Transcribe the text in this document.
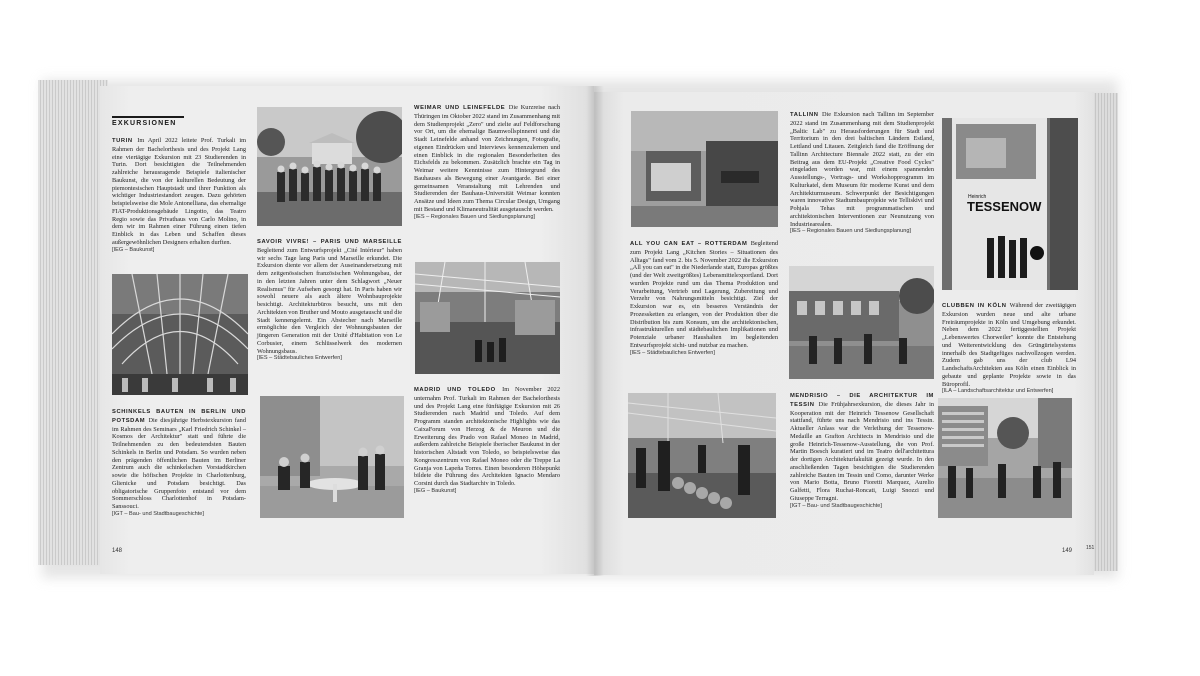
EXKURSIONEN
TURIN Im April 2022 leitete Prof. Turkali im Rahmen der Bachelorthesis und des Projekt Lang eine viertägige Exkursion mit 23 Studierenden in Turin. Dort besichtigten die Teilnehmenden zahlreiche herausragende Beispiele italienischer Baukunst, die von der kulturellen Bedeutung der piemontesischen Hauptstadt und ihrer Funktion als wichtiger Industriestandort zeugen. Dazu gehörten beispielsweise die Mole Antonelliana, das ehemalige FIAT-Produktionsgebäude Lingotto, das Teatro Regio sowie das Privathaus von Carlo Molino, in dem wir im Rahmen einer Führung einen tiefen Einblick in das Leben und Schaffen dieses außergewöhnlichen Designers erhalten durften.
[IEG – Baukunst]
SCHINKELS BAUTEN IN BERLIN UND POTSDAM Die diesjährige Herbstexkursion fand im Rahmen des Seminars „Karl Friedrich Schinkel – Kosmos der Architektur" statt und führte die Teilnehmenden zu den bedeutendsten Bauten Schinkels in Berlin und Potsdam. So wurden neben den prägenden öffentlichen Bauten im Berliner Zentrum auch die schinkelschen Vorstadtkirchen sowie die höfischen Projekte in Charlottenburg, Glienicke und Potsdam besichtigt. Das obligatorische Gruppenfoto entstand vor dem Sommerschloss Charlottenhof in Potsdam-Sanssouci.
[IGT – Bau- und Stadtbaugeschichte]
SAVOIR VIVRE! – PARIS UND MARSEILLE Begleitend zum Entwurfsprojekt „Cité Intérieur" haben wir sechs Tage lang Paris und Marseille erkundet. Die Exkursion diente vor allem der Auseinandersetzung mit dem zeitgenössischen französischen Wohnungsbau, der in den letzten Jahren unter dem Schlagwort „Neuer Realismus" für Aufsehen gesorgt hat. In Paris haben wir sowohl neuere als auch ältere Wohnbauprojekte besichtigt. Architekturbüros besucht, uns mit den Architekten von Bruther und Mouto ausgetauscht und die Stadt kennengelernt. Ein Abstecher nach Marseille ermöglichte den Vergleich der Wohnungsbauten der jüngeren Generation mit der Unité d'Habitation von Le Corbusier, einem Schlüsselwerk des modernen Wohnungsbaus.
[IES – Städtebauliches Entwerfen]
WEIMAR UND LEINEFELDE Die Kurzreise nach Thüringen im Oktober 2022 stand im Zusammenhang mit dem Studienprojekt „Zero" und zielte auf Feldforschung vor Ort, um die ehemalige Baumwollspinnerei und die Stadt Leinefelde anhand von Zeichnungen, Fotografie, eigenen Eindrücken und Interviews kennenzulernen und einen Einblick in die regionalen Besonderheiten des Eichsfelds zu bekommen. Zusätzlich brachte ein Tag in Weimar weitere Kenntnisse zum Hintergrund des Bauhauses als Bewegung einer Avantgarde. Bei einer gemeinsamen Veranstaltung mit Lehrenden und Studierenden der Bauhaus-Universität Weimar konnten Ansätze und Ideen zum Thema Circular Design, Umgang mit Bestand und Klimaneutralität ausgetauscht werden.
[IES – Regionales Bauen und Siedlungsplanung]
MADRID UND TOLEDO Im November 2022 unternahm Prof. Turkali im Rahmen der Bachelorthesis und des Projekt Lang eine fünftägige Exkursion mit 26 Studierenden nach Madrid und Toledo. Auf dem Programm standen architektonische Highlights wie das CaixaForum von Herzog & de Meuron und die Erweiterung des Prado von Rafael Moneo in Madrid, außerdem zahlreiche Beispiele iberischer Baukunst in der historischen Altstadt von Toledo, so beispielsweise das Kongresszentrum von Rafael Moneo oder die Treppe La Granja von Lapeña Torres. Einen besonderen Höhepunkt bildete die Führung des Architekten Ignacio Mendaro Corsini durch das Stadtarchiv in Toledo.
[IEG – Baukunst]
148
ALL YOU CAN EAT – ROTTERDAM Begleitend zum Projekt Lang „Kitchen Stories – Situationen des Alltags" fand vom 2. bis 5. November 2022 die Exkursion „All you can eat" in die Niederlande statt, Europas größtes (und der Welt zweitgrößtes) Lebensmittelexportland. Dort wurden Projekte rund um das Thema Produktion und Verarbeitung, Vertrieb und Lagerung, Zubereitung und Verzehr von Nahrungsmitteln besichtigt. Ziel der Exkursion war es, ein besseres Verständnis der Prozessketten zu erlangen, von der Produktion über die Distribution bis zum Konsum, um die architektonischen, infrastrukturellen und städtebaulichen Implikationen und Potenziale urbaner Haushalten im begleitenden Entwurfsprojekt sicht- und nutzbar zu machen.
[IES – Städtebauliches Entwerfen]
TALLINN Die Exkursion nach Tallinn im September 2022 stand im Zusammenhang mit dem Studienprojekt „Baltic Lab" zu Herausforderungen für Stadt und Territorium in den drei baltischen Ländern Estland, Lettland und Litauen. Zeitgleich fand die Eröffnung der Tallinn Architecture Biennale 2022 statt, zu der ein Beitrag aus dem EU-Projekt „Creative Food Cycles" eingeladen worden war, mit einem spannenden Ausstellungs-, Vortrags- und Workshopprogramm im Kulturkatel, dem Museum für moderne Kunst und dem Architekturmuseum. Schwerpunkt der Besichtigungen waren innovative Stadtumbauprojekte wie Telliskivi und Pohjala Tehas mit programmatischen und architektonischen Interventionen zur Neunutzung von Industriearealen.
[IES – Regionales Bauen und Siedlungsplanung]
MENDRISIO – DIE ARCHITEKTUR IM TESSIN Die Frühjahrsexkursion, die dieses Jahr in Kooperation mit der Heinrich Tessenow Gesellschaft stattfand, führte uns nach Mendrisio und ins Tessin. Aktueller Anlass war die Verleihung der Tessenow-Medaille an Grafton Architects in Mendrisio und die große Heinrich-Tessenow-Ausstellung, die von Prof. Martin Boesch kuratiert und im Teatro dell'architettura der dortigen Architekturfakultät gezeigt wurde. In den anschließenden Tagen besichtigten die Studierenden zahlreiche Bauten im Tessin und Como, darunter Werke von Mario Botta, Bruno Fioretti Marquez, Aurelio Galfetti, Flora Ruchat-Roncati, Luigi Snozzi und Giuseppe Terragni.
[IGT – Bau- und Stadtbaugeschichte]
Heinrich
TESSENOW
CLUBBEN IN KÖLN Während der zweitägigen Exkursion wurden neue und alte urbane Freiräumprojekte in Köln und Umgebung erkundet. Neben dem 2022 fertiggestellten Projekt „Lebenswertes Chorweiler" konnte die Entstehung und Weiterentwicklung des Grüngürtelsystems innerhalb des Stadtgefüges nachvollzogen werden. Zudem gab uns der club L94 LandschaftsArchitekten aus Köln einen Einblick in gebaute und geplante Projekte sowie in das Büroprofil.
[ILA – Landschaftsarchitektur und Entwerfen]
149	151
